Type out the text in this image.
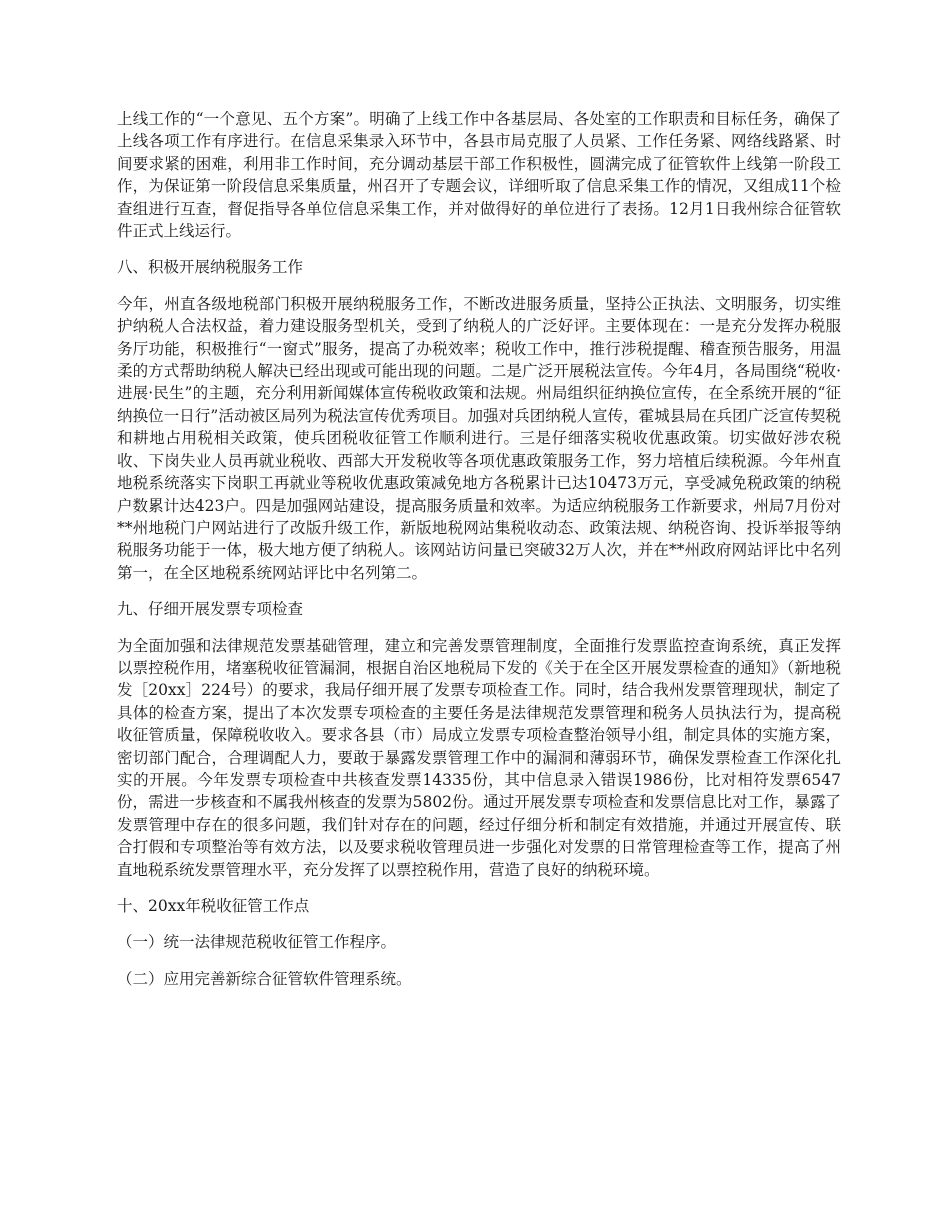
上线工作的“一个意见、五个方案”。明确了上线工作中各基层局、各处室的工作职责和目标任务，确保了上线各项工作有序进行。在信息采集录入环节中，各县市局克服了人员紧、工作任务紧、网络线路紧、时间要求紧的困难，利用非工作时间，充分调动基层干部工作积极性，圆满完成了征管软件上线第一阶段工作，为保证第一阶段信息采集质量，州召开了专题会议，详细听取了信息采集工作的情况，又组成11个检查组进行互查，督促指导各单位信息采集工作，并对做得好的单位进行了表扬。12月1日我州综合征管软件正式上线运行。

八、积极开展纳税服务工作

今年，州直各级地税部门积极开展纳税服务工作，不断改进服务质量，坚持公正执法、文明服务，切实维护纳税人合法权益，着力建设服务型机关，受到了纳税人的广泛好评。主要体现在：一是充分发挥办税服务厅功能，积极推行“一窗式”服务，提高了办税效率；税收工作中，推行涉税提醒、稽查预告服务，用温柔的方式帮助纳税人解决已经出现或可能出现的问题。二是广泛开展税法宣传。今年4月，各局围绕“税收·进展·民生”的主题，充分利用新闻媒体宣传税收政策和法规。州局组织征纳换位宣传，在全系统开展的“征纳换位一日行”活动被区局列为税法宣传优秀项目。加强对兵团纳税人宣传，霍城县局在兵团广泛宣传契税和耕地占用税相关政策，使兵团税收征管工作顺利进行。三是仔细落实税收优惠政策。切实做好涉农税收、下岗失业人员再就业税收、西部大开发税收等各项优惠政策服务工作，努力培植后续税源。今年州直地税系统落实下岗职工再就业等税收优惠政策减免地方各税累计已达10473万元，享受减免税政策的纳税户数累计达423户。四是加强网站建设，提高服务质量和效率。为适应纳税服务工作新要求，州局7月份对**州地税门户网站进行了改版升级工作，新版地税网站集税收动态、政策法规、纳税咨询、投诉举报等纳税服务功能于一体，极大地方便了纳税人。该网站访问量已突破32万人次，并在**州政府网站评比中名列第一，在全区地税系统网站评比中名列第二。

九、仔细开展发票专项检查

为全面加强和法律规范发票基础管理，建立和完善发票管理制度，全面推行发票监控查询系统，真正发挥以票控税作用，堵塞税收征管漏洞，根据自治区地税局下发的《关于在全区开展发票检查的通知》（新地税发［20xx］224号）的要求，我局仔细开展了发票专项检查工作。同时，结合我州发票管理现状，制定了具体的检查方案，提出了本次发票专项检查的主要任务是法律规范发票管理和税务人员执法行为，提高税收征管质量，保障税收收入。要求各县（市）局成立发票专项检查整治领导小组，制定具体的实施方案，密切部门配合，合理调配人力，要敢于暴露发票管理工作中的漏洞和薄弱环节，确保发票检查工作深化扎实的开展。今年发票专项检查中共核查发票14335份，其中信息录入错误1986份，比对相符发票6547份，需进一步核查和不属我州核查的发票为5802份。通过开展发票专项检查和发票信息比对工作，暴露了发票管理中存在的很多问题，我们针对存在的问题，经过仔细分析和制定有效措施，并通过开展宣传、联合打假和专项整治等有效方法，以及要求税收管理员进一步强化对发票的日常管理检查等工作，提高了州直地税系统发票管理水平，充分发挥了以票控税作用，营造了良好的纳税环境。

十、20xx年税收征管工作点

（一）统一法律规范税收征管工作程序。

（二）应用完善新综合征管软件管理系统。
